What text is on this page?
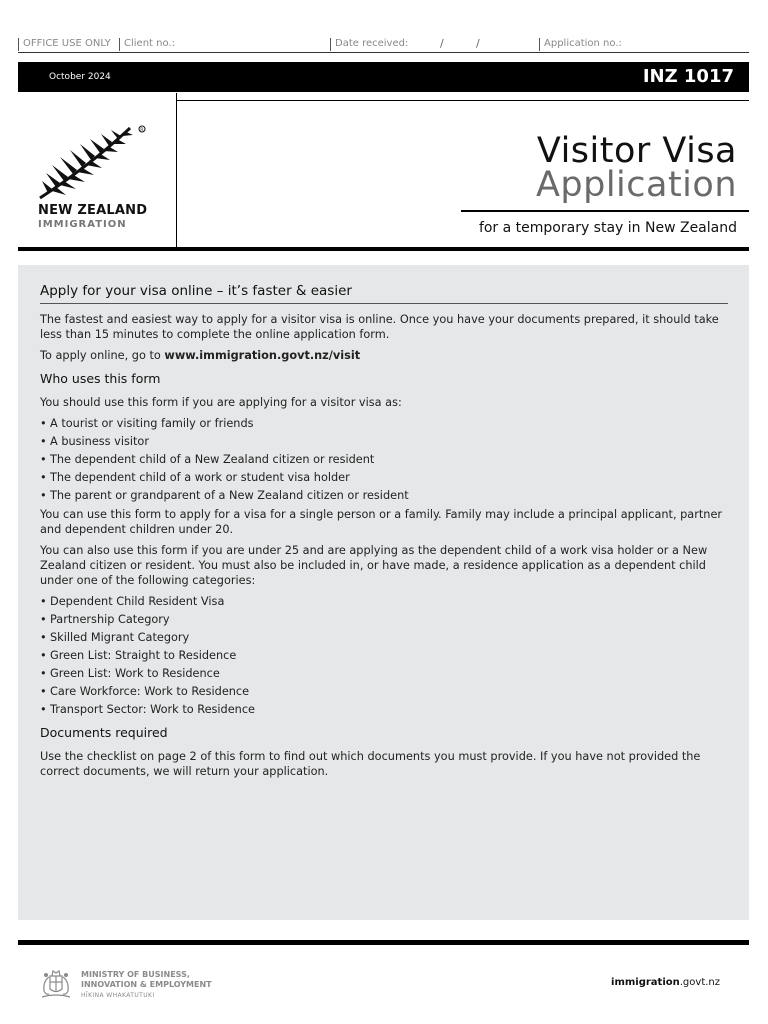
OFFICE USE ONLY	Client no.:	Date received:	/	/	Application no.:
October 2024	INZ 1017
R
NEW ZEALAND
IMMIGRATION
Visitor Visa
Application
for a temporary stay in New Zealand
Apply for your visa online – it’s faster & easier

The fastest and easiest way to apply for a visitor visa is online. Once you have your documents prepared, it should take less than 15 minutes to complete the online application form.

To apply online, go to www.immigration.govt.nz/visit

Who uses this form

You should use this form if you are applying for a visitor visa as:

• A tourist or visiting family or friends
• A business visitor
• The dependent child of a New Zealand citizen or resident
• The dependent child of a work or student visa holder
• The parent or grandparent of a New Zealand citizen or resident

You can use this form to apply for a visa for a single person or a family. Family may include a principal applicant, partner and dependent children under 20.

You can also use this form if you are under 25 and are applying as the dependent child of a work visa holder or a New Zealand citizen or resident. You must also be included in, or have made, a residence application as a dependent child under one of the following categories:

• Dependent Child Resident Visa
• Partnership Category
• Skilled Migrant Category
• Green List: Straight to Residence
• Green List: Work to Residence
• Care Workforce: Work to Residence
• Transport Sector: Work to Residence
Documents required

Use the checklist on page 2 of this form to find out which documents you must provide. If you have not provided the correct documents, we will return your application.

MINISTRY OF BUSINESS,
INNOVATION & EMPLOYMENT
HĪKINA WHAKATUTUKI
immigration.govt.nz
